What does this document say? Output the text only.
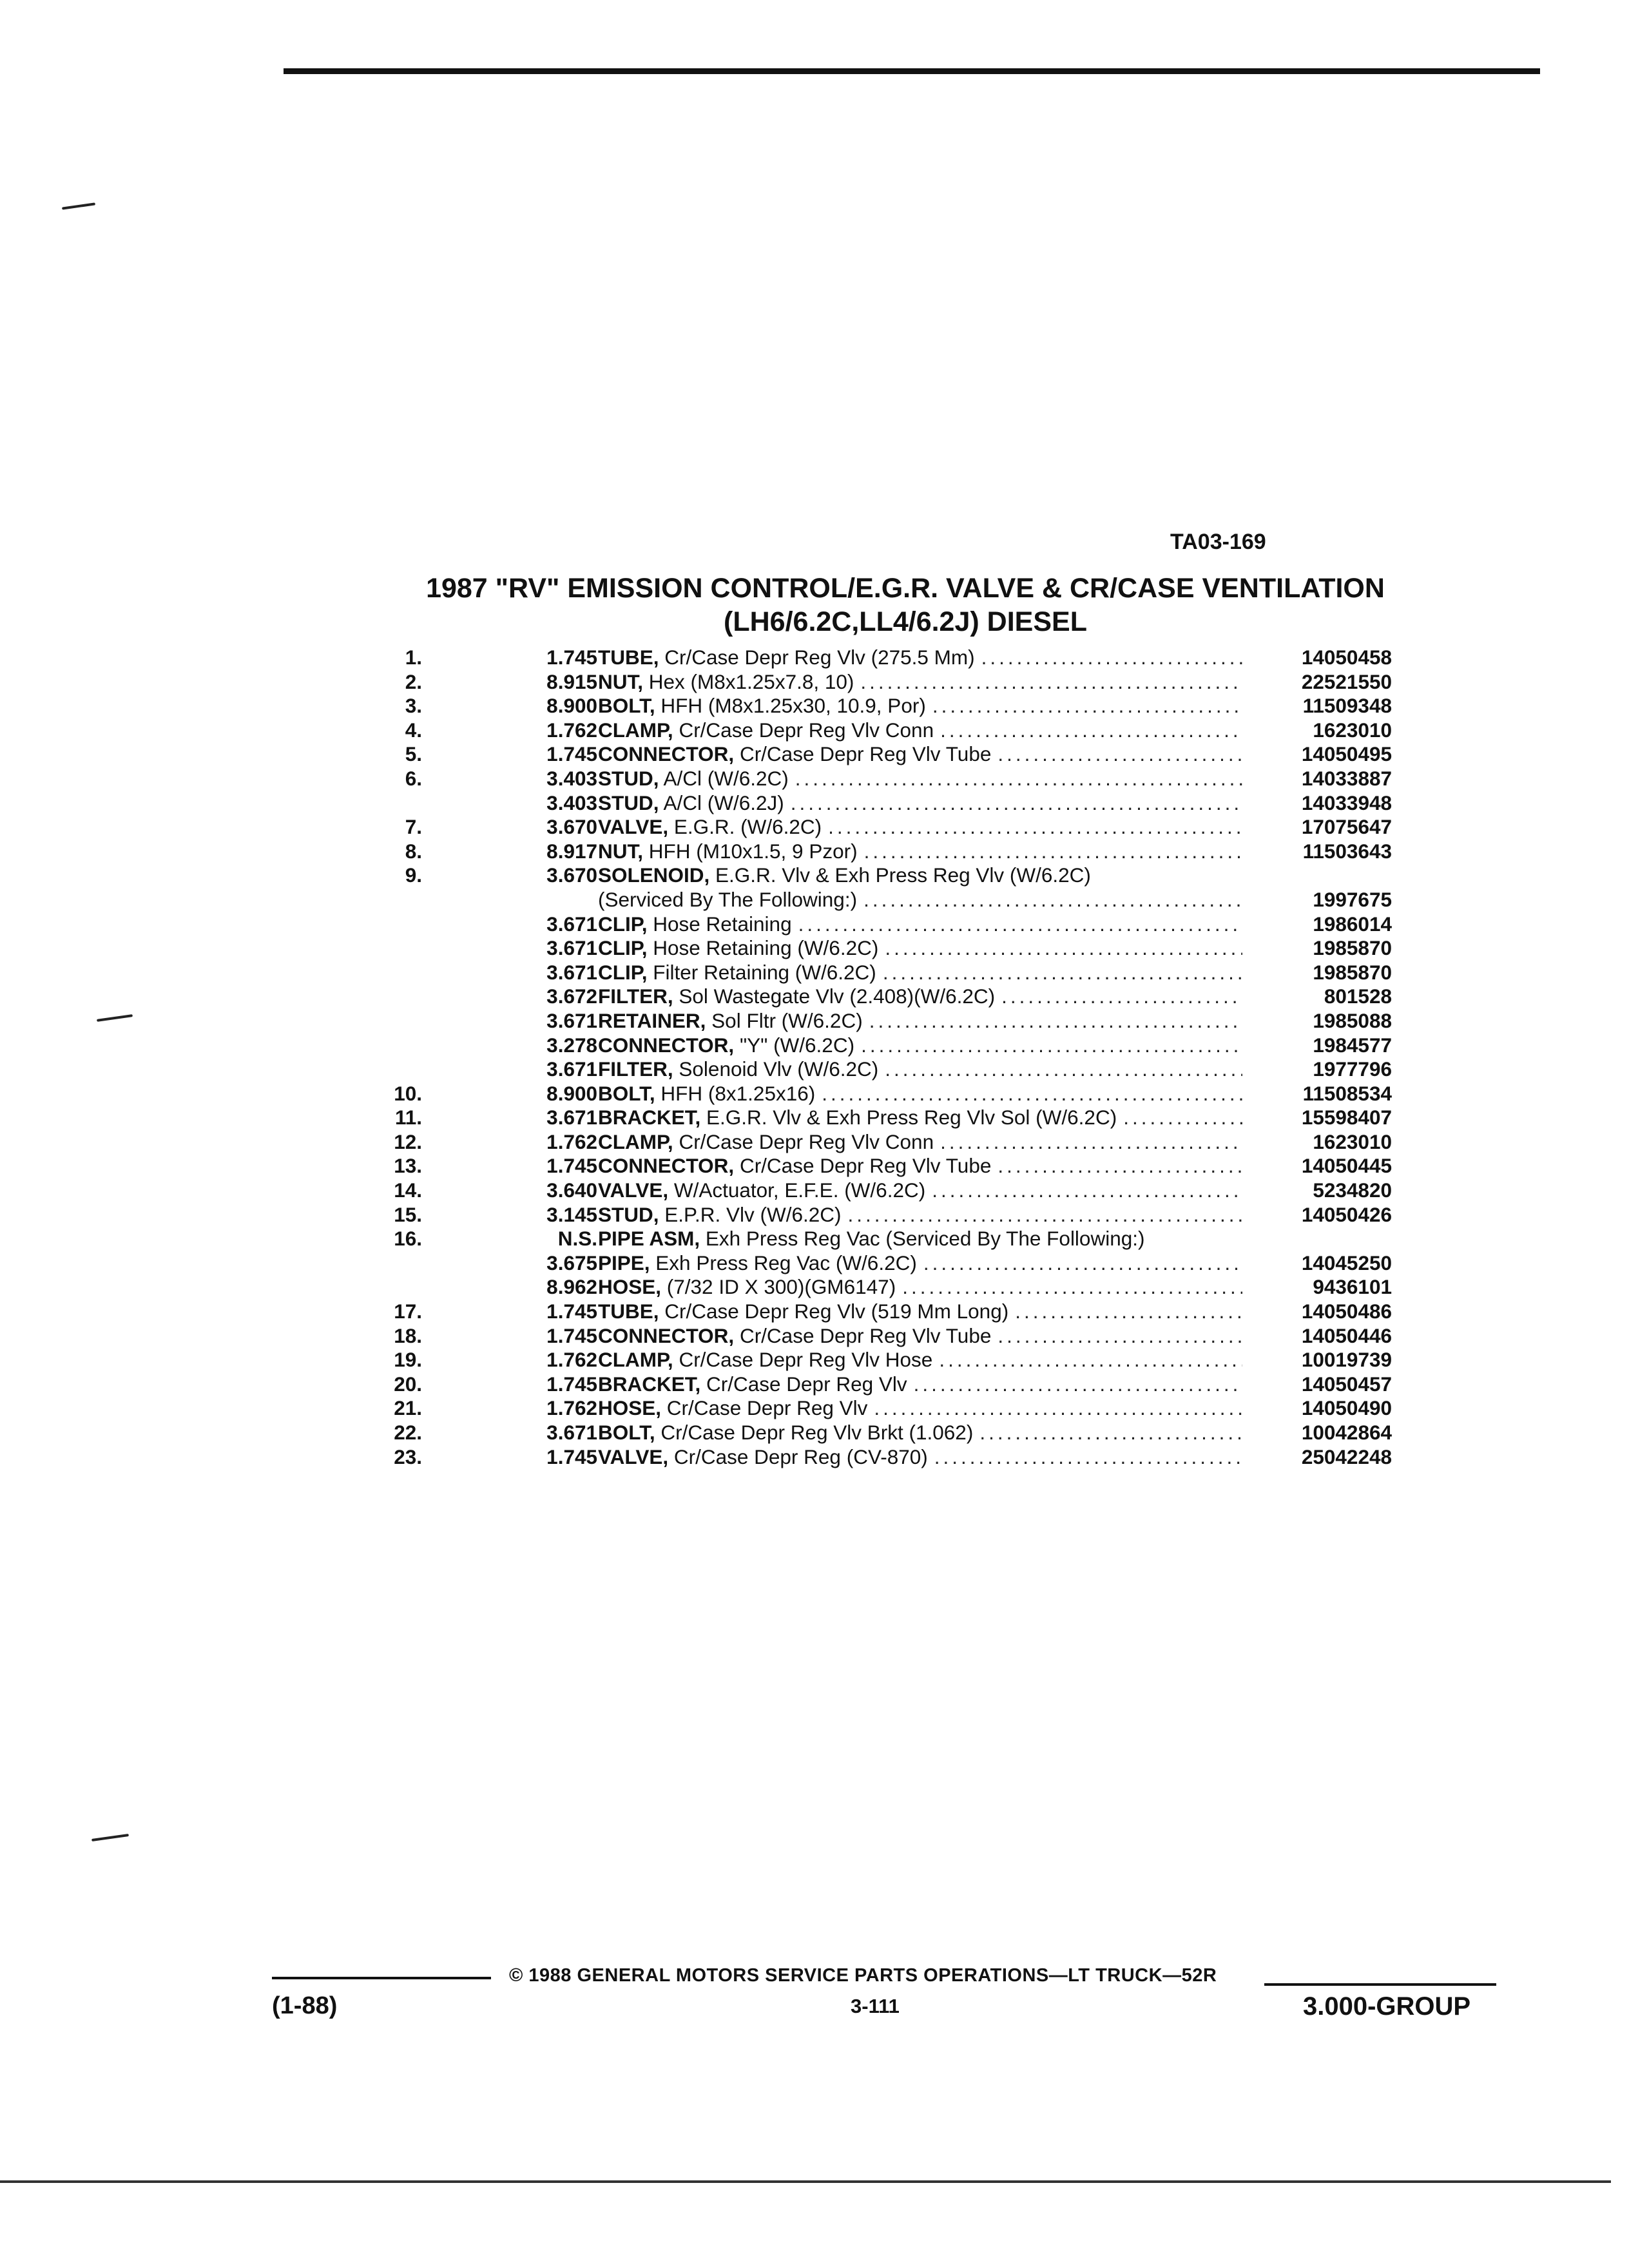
TA03-169
1987 "RV" EMISSION CONTROL/E.G.R. VALVE & CR/CASE VENTILATION
(LH6/6.2C,LL4/6.2J) DIESEL
1.	1.745 TUBE, Cr/Case Depr Reg Vlv (275.5 Mm) .....	14050458
2.	8.915 NUT, Hex (M8x1.25x7.8, 10) .....	22521550
3.	8.900 BOLT, HFH (M8x1.25x30, 10.9, Por) .....	11509348
4.	1.762 CLAMP, Cr/Case Depr Reg Vlv Conn .....	1623010
5.	1.745 CONNECTOR, Cr/Case Depr Reg Vlv Tube .....	14050495
6.	3.403 STUD, A/Cl (W/6.2C) .....	14033887
3.403 STUD, A/Cl (W/6.2J) .....	14033948
7.	3.670 VALVE, E.G.R. (W/6.2C) .....	17075647
8.	8.917 NUT, HFH (M10x1.5, 9 Pzor) .....	11503643
9.	3.670 SOLENOID, E.G.R. Vlv & Exh Press Reg Vlv (W/6.2C)
(Serviced By The Following:) .....	1997675
3.671 CLIP, Hose Retaining .....	1986014
3.671 CLIP, Hose Retaining (W/6.2C) .....	1985870
3.671 CLIP, Filter Retaining (W/6.2C) .....	1985870
3.672 FILTER, Sol Wastegate Vlv (2.408)(W/6.2C) .....	801528
3.671 RETAINER, Sol Fltr (W/6.2C) .....	1985088
3.278 CONNECTOR, "Y" (W/6.2C) .....	1984577
3.671 FILTER, Solenoid Vlv (W/6.2C) .....	1977796
10.	8.900 BOLT, HFH (8x1.25x16) .....	11508534
11.	3.671 BRACKET, E.G.R. Vlv & Exh Press Reg Vlv Sol (W/6.2C) .....	15598407
12.	1.762 CLAMP, Cr/Case Depr Reg Vlv Conn .....	1623010
13.	1.745 CONNECTOR, Cr/Case Depr Reg Vlv Tube .....	14050445
14.	3.640 VALVE, W/Actuator, E.F.E. (W/6.2C) .....	5234820
15.	3.145 STUD, E.P.R. Vlv (W/6.2C) .....	14050426
16.	N.S. PIPE ASM, Exh Press Reg Vac (Serviced By The Following:)
3.675 PIPE, Exh Press Reg Vac (W/6.2C) .....	14045250
8.962 HOSE, (7/32 ID X 300)(GM6147) .....	9436101
17.	1.745 TUBE, Cr/Case Depr Reg Vlv (519 Mm Long) .....	14050486
18.	1.745 CONNECTOR, Cr/Case Depr Reg Vlv Tube .....	14050446
19.	1.762 CLAMP, Cr/Case Depr Reg Vlv Hose .....	10019739
20.	1.745 BRACKET, Cr/Case Depr Reg Vlv .....	14050457
21.	1.762 HOSE, Cr/Case Depr Reg Vlv .....	14050490
22.	3.671 BOLT, Cr/Case Depr Reg Vlv Brkt (1.062) .....	10042864
23.	1.745 VALVE, Cr/Case Depr Reg (CV-870) .....	25042248
© 1988 GENERAL MOTORS SERVICE PARTS OPERATIONS—LT TRUCK—52R
(1-88)	3-111	3.000-GROUP
